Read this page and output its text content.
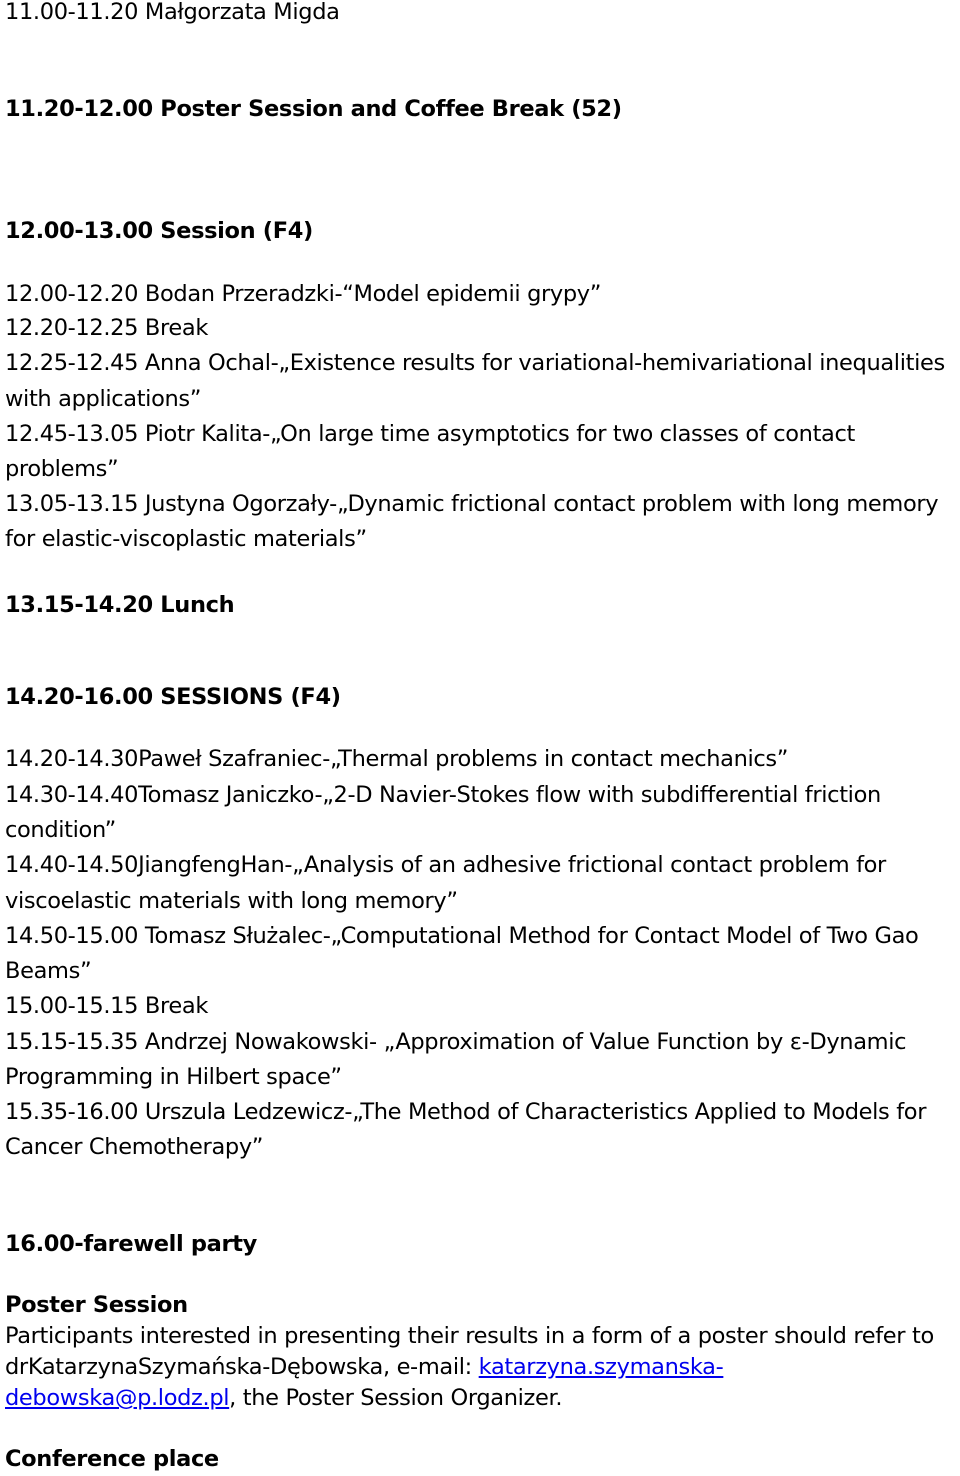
11.00-11.20 Małgorzata Migda
11.20-12.00 Poster Session and Coffee Break (52)
12.00-13.00 Session (F4)
12.00-12.20 Bodan Przeradzki-“Model epidemii grypy”
12.20-12.25 Break
12.25-12.45 Anna Ochal-„Existence results for variational-hemivariational inequalities
with applications”
12.45-13.05 Piotr Kalita-„On large time asymptotics for two classes of contact
problems”
13.05-13.15 Justyna Ogorzały-„Dynamic frictional contact problem with long memory
for elastic-viscoplastic materials”
13.15-14.20 Lunch
14.20-16.00 SESSIONS (F4)
14.20-14.30Paweł Szafraniec-„Thermal problems in contact mechanics”
14.30-14.40Tomasz Janiczko-„2-D Navier-Stokes flow with subdifferential friction
condition”
14.40-14.50JiangfengHan-„Analysis of an adhesive frictional contact problem for
viscoelastic materials with long memory”
14.50-15.00 Tomasz Służalec-„Computational Method for Contact Model of Two Gao
Beams”
15.00-15.15 Break
15.15-15.35 Andrzej Nowakowski- „Approximation of Value Function by ε-Dynamic
Programming in Hilbert space”
15.35-16.00 Urszula Ledzewicz-„The Method of Characteristics Applied to Models for
Cancer Chemotherapy”
16.00-farewell party
Poster Session
Participants interested in presenting their results in a form of a poster should refer to
drKatarzynaSzymańska-Dębowska, e-mail: katarzyna.szymanska-
debowska@p.lodz.pl, the Poster Session Organizer.
Conference place
